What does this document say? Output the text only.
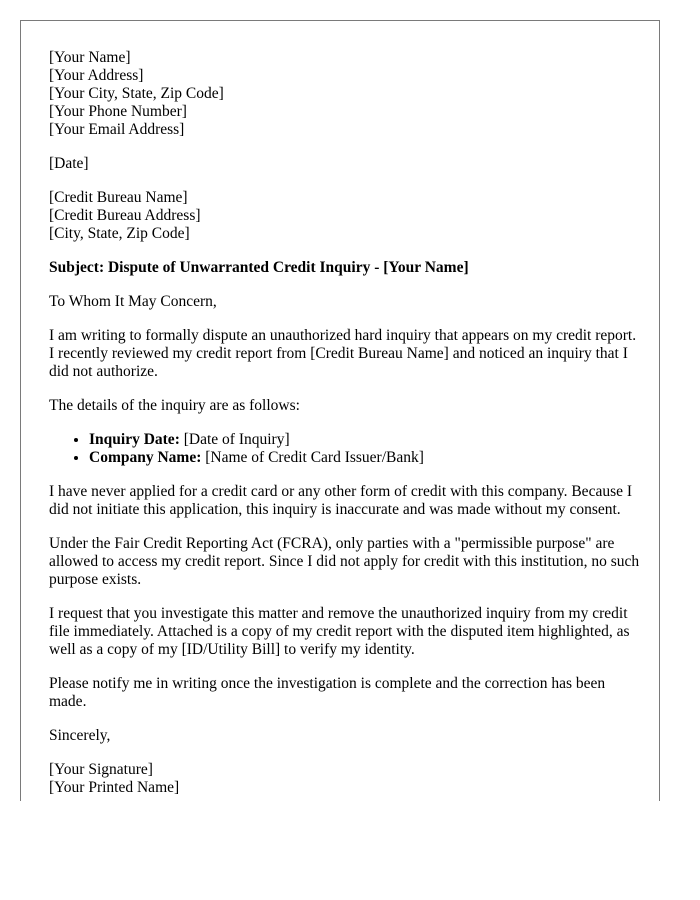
[Your Name]
[Your Address]
[Your City, State, Zip Code]
[Your Phone Number]
[Your Email Address]
[Date]
[Credit Bureau Name]
[Credit Bureau Address]
[City, State, Zip Code]

Subject: Dispute of Unwarranted Credit Inquiry - [Your Name]

To Whom It May Concern,

I am writing to formally dispute an unauthorized hard inquiry that appears on my credit report. I recently reviewed my credit report from [Credit Bureau Name] and noticed an inquiry that I did not authorize.

The details of the inquiry are as follows:

• Inquiry Date: [Date of Inquiry]
• Company Name: [Name of Credit Card Issuer/Bank]

I have never applied for a credit card or any other form of credit with this company. Because I did not initiate this application, this inquiry is inaccurate and was made without my consent.

Under the Fair Credit Reporting Act (FCRA), only parties with a "permissible purpose" are allowed to access my credit report. Since I did not apply for credit with this institution, no such purpose exists.

I request that you investigate this matter and remove the unauthorized inquiry from my credit file immediately. Attached is a copy of my credit report with the disputed item highlighted, as well as a copy of my [ID/Utility Bill] to verify my identity.

Please notify me in writing once the investigation is complete and the correction has been made.

Sincerely,

[Your Signature]
[Your Printed Name]
